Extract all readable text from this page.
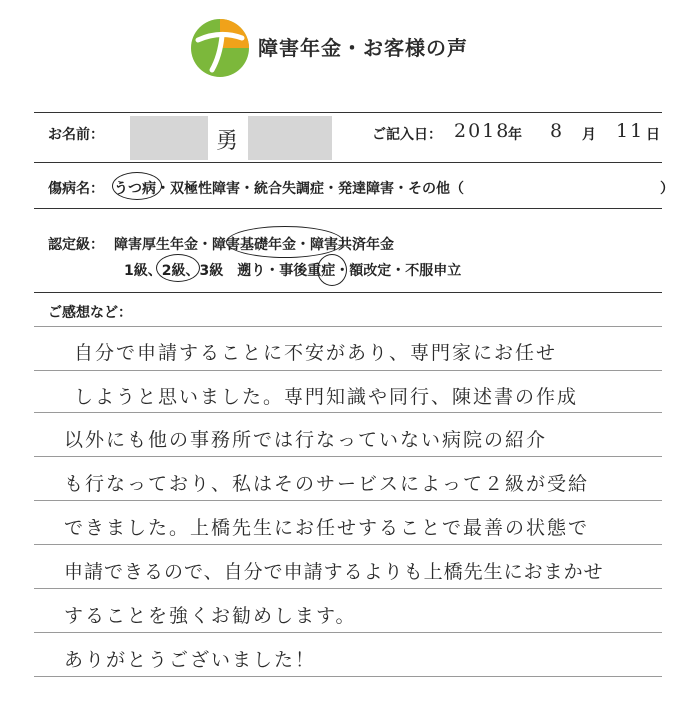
障害年金・お客様の声
お名前：	勇	ご記入日： 2018
年 8 月 11 日
傷病名： うつ病・双極性障害・統合失調症・発達障害・その他（　　　　　　　　　　　　　　）
認定級： 障害厚生年金・障害基礎年金・障害共済年金
1級、2級、3級　遡り・事後重症・額改定・不服申立
ご感想など：
自分で申請することに不安があり、専門家にお任せ
しようと思いました。専門知識や同行、陳述書の作成
以外にも他の事務所では行なっていない病院の紹介
も行なっており、私はそのサービスによって２級が受給
できました。上橋先生にお任せすることで最善の状態で
申請できるので、自分で申請するよりも上橋先生におまかせ
することを強くお勧めします。
ありがとうございました！
